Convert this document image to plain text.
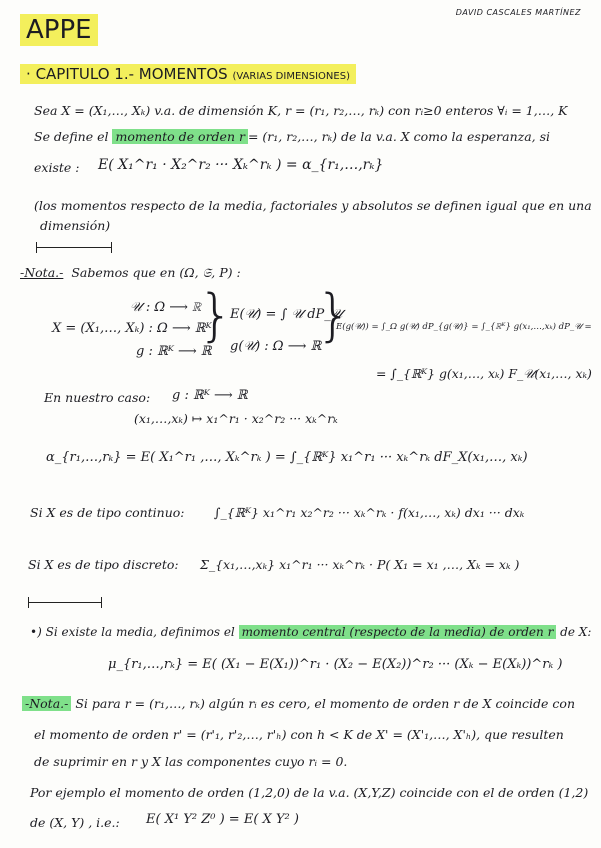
APPE
DAVID CASCALES MARTÍNEZ
· CAPITULO 1.- MOMENTOS (VARIAS DIMENSIONES)
Sea X = (X₁,…, Xₖ) v.a. de dimensión K, r = (r₁, r₂,…, rₖ) con rᵢ≥0 enteros ∀ᵢ = 1,…, K
Se define el momento de orden r = (r₁, r₂,…, rₖ) de la v.a. X como la esperanza, si
existe : E( X₁^r₁ · X₂^r₂ ··· Xₖ^rₖ ) = α_{r₁,…,rₖ}
(los momentos respecto de la media, factoriales y absolutos se definen igual que en una
dimensión)
-Nota.- Sabemos que en (Ω, 𝔖, P) :
𝒰 : Ω ⟶ ℝ
X = (X₁,…, Xₖ) : Ω ⟶ ℝᴷ
g : ℝᴷ ⟶ ℝ
}
E(𝒰) = ∫ 𝒰 dP_𝒰
g(𝒰) : Ω ⟶ ℝ
}
E(g(𝒰)) = ∫_Ω g(𝒰) dP_{g(𝒰)} = ∫_{ℝᴷ} g(x₁,…,xₖ) dP_𝒰 =
= ∫_{ℝᴷ} g(x₁,…, xₖ) F_𝒰(x₁,…, xₖ)
En nuestro caso: g : ℝᴷ ⟶ ℝ
(x₁,…,xₖ) ↦ x₁^r₁ · x₂^r₂ ··· xₖ^rₖ
α_{r₁,…,rₖ} = E( X₁^r₁ ,…, Xₖ^rₖ ) = ∫_{ℝᴷ} x₁^r₁ ··· xₖ^rₖ dF_X(x₁,…, xₖ)
Si X es de tipo continuo: ∫_{ℝᴷ} x₁^r₁ x₂^r₂ ··· xₖ^rₖ · f(x₁,…, xₖ) dx₁ ··· dxₖ
Si X es de tipo discreto: Σ_{x₁,…,xₖ} x₁^r₁ ··· xₖ^rₖ · P( X₁ = x₁ ,…, Xₖ = xₖ )
•) Si existe la media, definimos el momento central (respecto de la media) de orden r de X:
μ_{r₁,…,rₖ} = E( (X₁ − E(X₁))^r₁ · (X₂ − E(X₂))^r₂ ··· (Xₖ − E(Xₖ))^rₖ )
-Nota.- Si para r = (r₁,…, rₖ) algún rᵢ es cero, el momento de orden r de X coincide con
el momento de orden r' = (r'₁, r'₂,…, r'ₕ) con h < K de X' = (X'₁,…, X'ₕ), que resulten
de suprimir en r y X las componentes cuyo rᵢ = 0.
Por ejemplo el momento de orden (1,2,0) de la v.a. (X,Y,Z) coincide con el de orden (1,2)
de (X, Y) , i.e.: E( X¹ Y² Z⁰ ) = E( X Y² )
